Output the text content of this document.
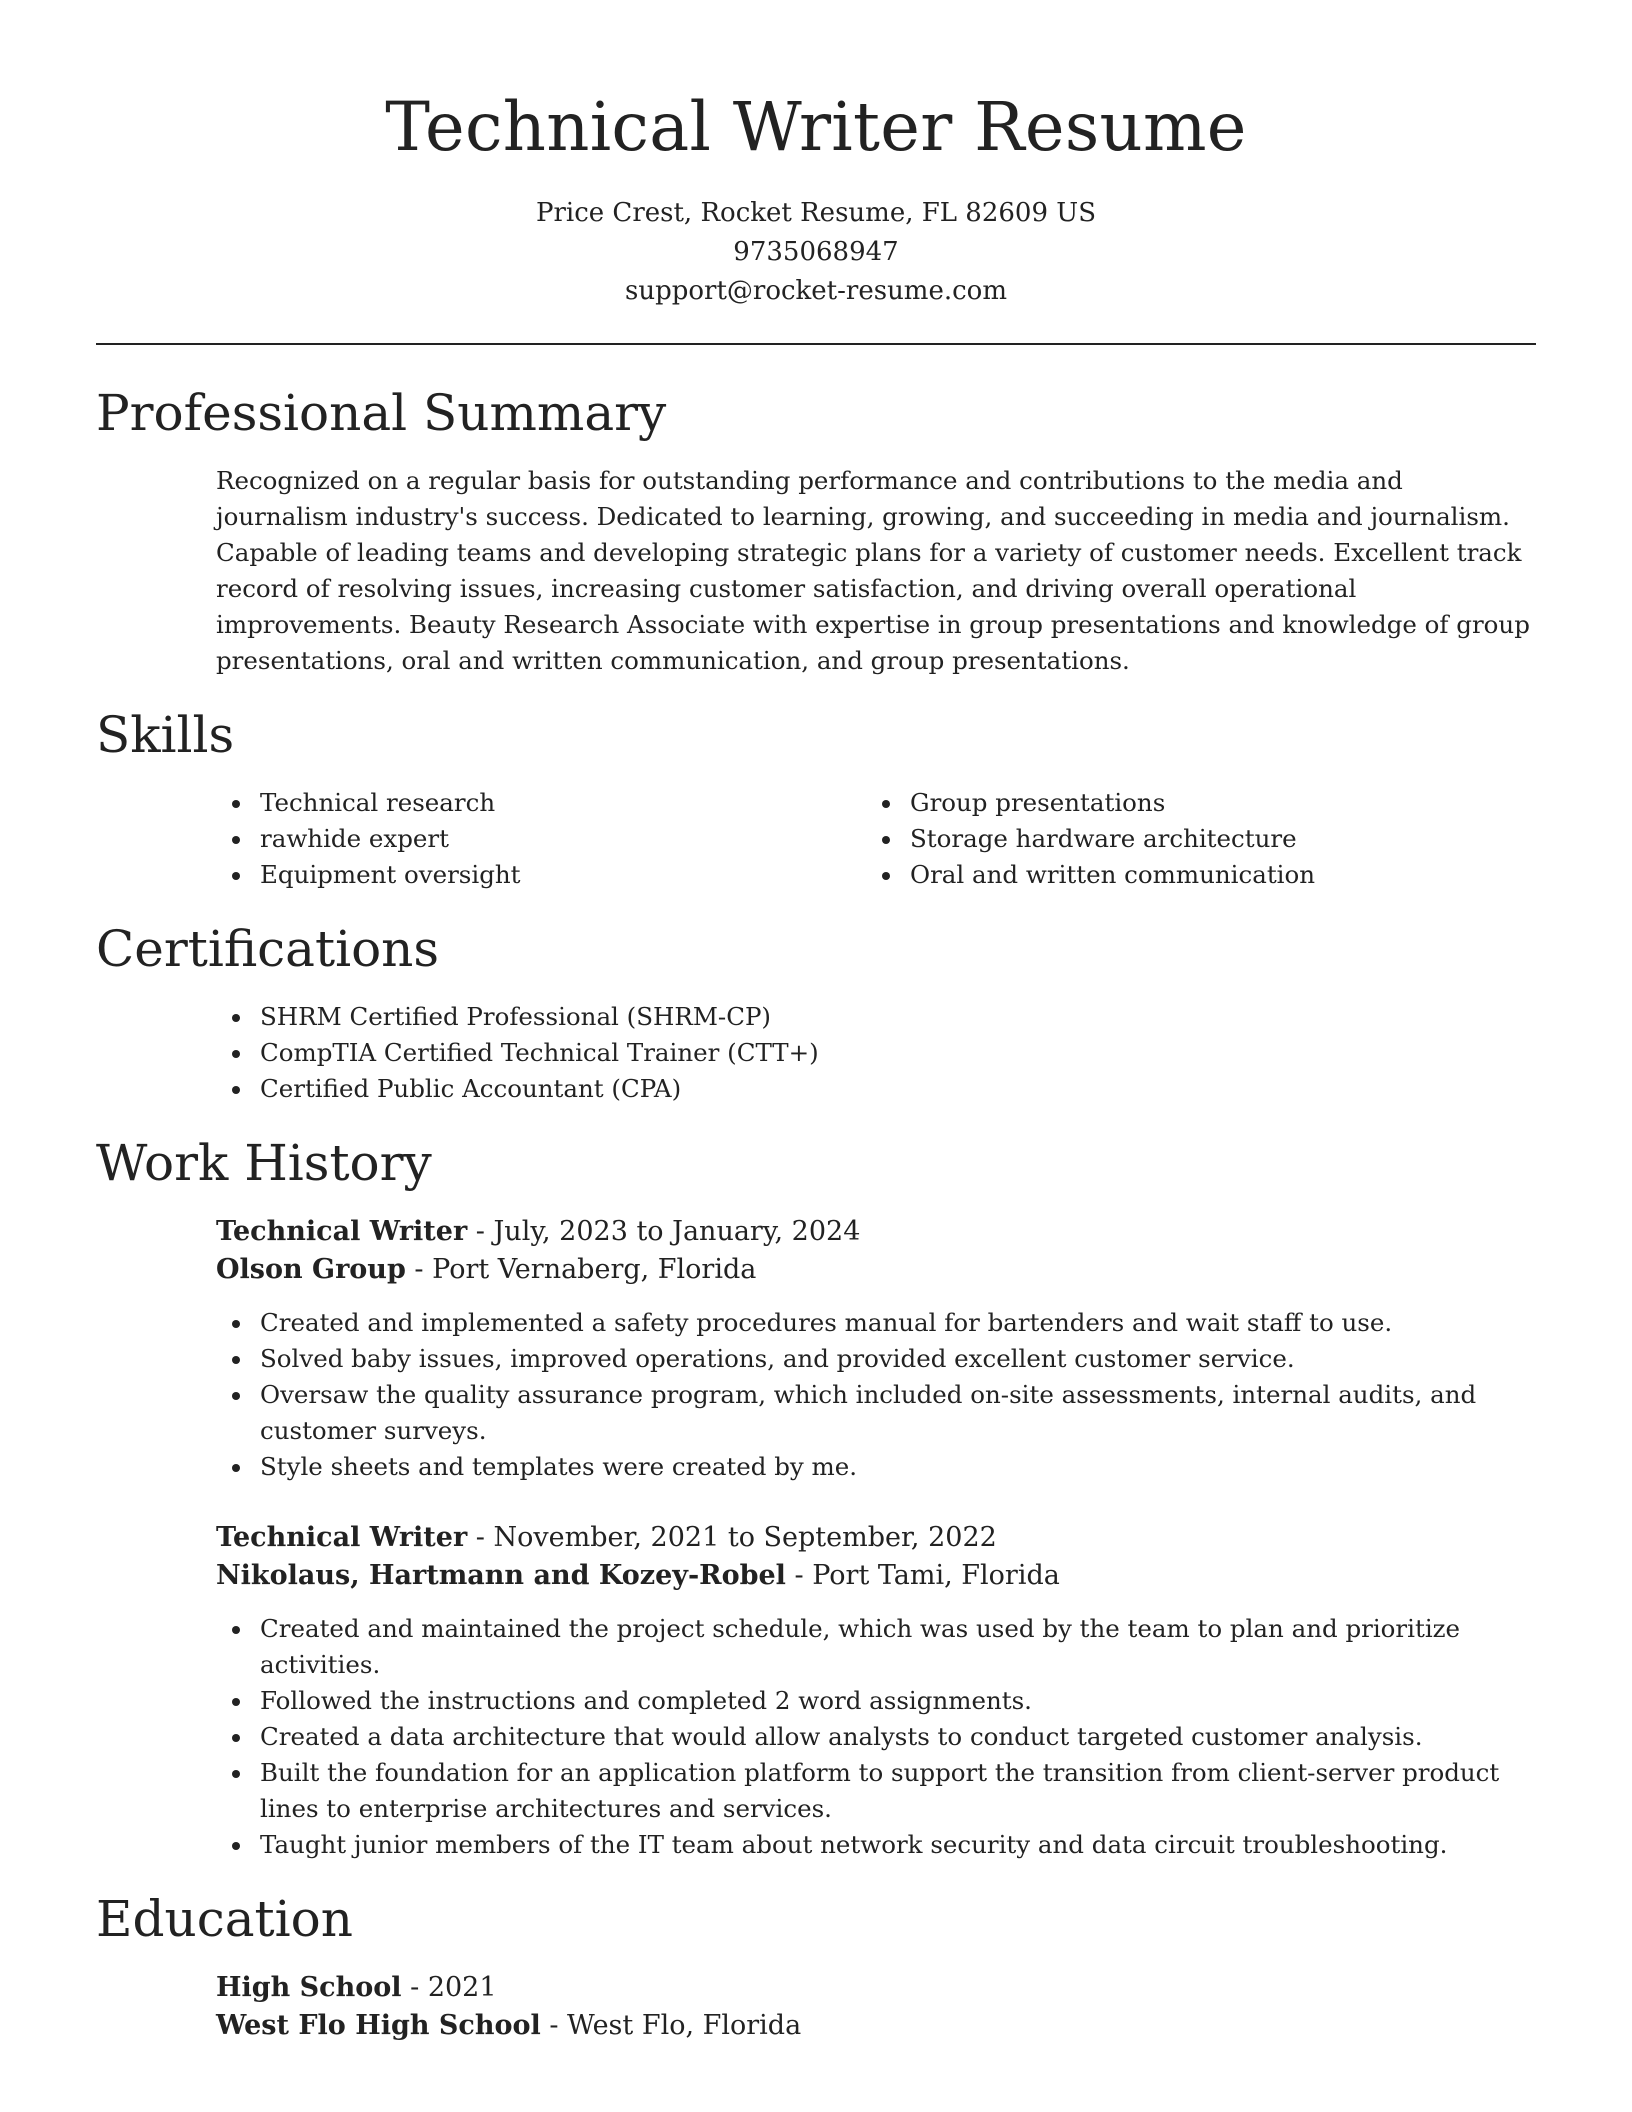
Technical Writer Resume
Price Crest, Rocket Resume, FL 82609 US
9735068947
support@rocket-resume.com
Professional Summary
Recognized on a regular basis for outstanding performance and contributions to the media and journalism industry's success. Dedicated to learning, growing, and succeeding in media and journalism. Capable of leading teams and developing strategic plans for a variety of customer needs. Excellent track record of resolving issues, increasing customer satisfaction, and driving overall operational improvements. Beauty Research Associate with expertise in group presentations and knowledge of group presentations, oral and written communication, and group presentations.
Skills
Technical research
rawhide expert
Equipment oversight
Group presentations
Storage hardware architecture
Oral and written communication
Certifications
SHRM Certified Professional (SHRM-CP)
CompTIA Certified Technical Trainer (CTT+)
Certified Public Accountant (CPA)
Work History
Technical Writer - July, 2023 to January, 2024
Olson Group - Port Vernaberg, Florida
Created and implemented a safety procedures manual for bartenders and wait staff to use.
Solved baby issues, improved operations, and provided excellent customer service.
Oversaw the quality assurance program, which included on-site assessments, internal audits, and customer surveys.
Style sheets and templates were created by me.
Technical Writer - November, 2021 to September, 2022
Nikolaus, Hartmann and Kozey-Robel - Port Tami, Florida
Created and maintained the project schedule, which was used by the team to plan and prioritize activities.
Followed the instructions and completed 2 word assignments.
Created a data architecture that would allow analysts to conduct targeted customer analysis.
Built the foundation for an application platform to support the transition from client-server product lines to enterprise architectures and services.
Taught junior members of the IT team about network security and data circuit troubleshooting.
Education
High School - 2021
West Flo High School - West Flo, Florida
